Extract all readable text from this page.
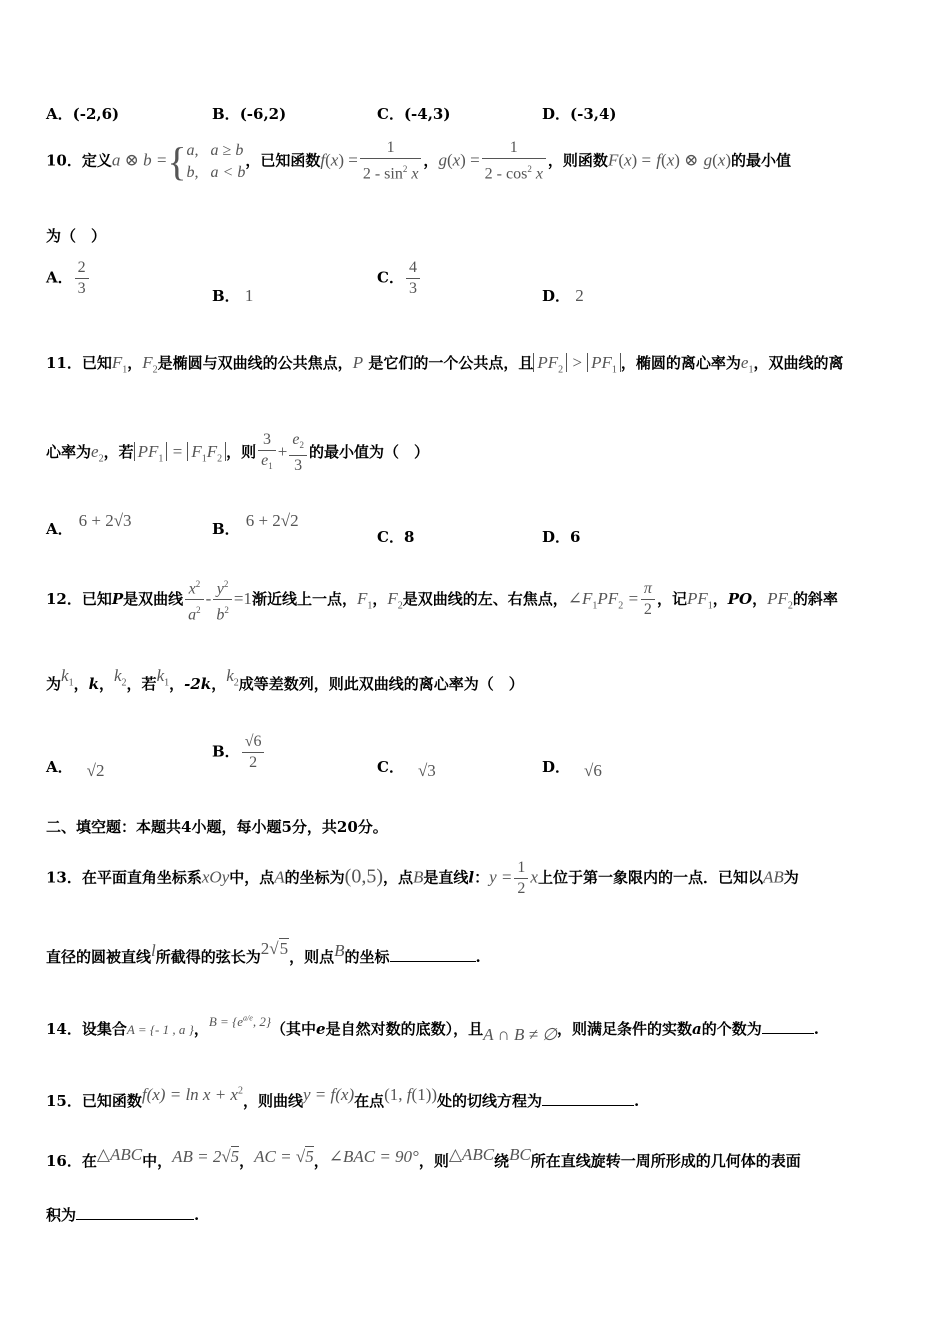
A．(-2,6)	B．(-6,2)	C．(-4,3)	D．(-3,4)
10．定义a ⊗ b ={ a,   a ≥ b
b,   a < b
，已知函数$f(x) = \frac{1}{2 - \sin^2 x}$ ，$g(x) = \frac{1}{2 - \cos^2 x}$ ，则函数F(x) = f(x) ⊗ g(x)的最小值
为（　）
A． $\frac{2}{3}$	B． 1
C． $\frac{4}{3}$	D． 2
11．已知$F_1$，$F_2$是椭圆与双曲线的公共焦点，P 是它们的一个公共点，且 $PF_2 > PF_1$ ，椭圆的离心率为$e_1$，双曲线的离
心率为$e_2$，若 $PF_1 = F_1F_2$ ，则 $\frac{3}{e_1} + \frac{e_2}{3}$ 的最小值为（　）
A． 6 + 2√3	B． 6 + 2√2
C．8	D．6
12．已知P是双曲线 $\frac{x^2}{a^2} - \frac{y^2}{b^2} =1$渐近线上一点，$F_1$，$F_2$是双曲线的左、右焦点，$\angle F_1PF_2 = \frac{\pi}{2}$ ，记$PF_1$，PO，$PF_2$的斜率
为$k_1$，k，$k_2$，若$k_1$，-2k，$k_2$成等差数列，则此双曲线的离心率为（　）
A． √2
B． $\frac{√6}{2}$	C． √3	D． √6
二、填空题：本题共4小题，每小题5分，共20分。
13．在平面直角坐标系xOy中，点A的坐标为(0,5)，点B是直线l：$y = \frac{1}{2}$ x上位于第一象限内的一点．已知以AB为
直径的圆被直线l所截得的弦长为2√5，则点B的坐标	.
14．设集合A = {- 1 , a }，$B = \{e^{a/e}$, 2}（其中e是自然对数的底数），且A ∩ B ≠ ∅，则满足条件的实数a的个数为	.
15．已知函数$f(x) = \ln x + x^2$，则曲线y = f(x)在点(1, f(1))处的切线方程为	.
16．在△ABC中，AB = 2√5，AC = √5，∠BAC = 90°，则△ABC绕BC所在直线旋转一周所形成的几何体的表面
积为	.
